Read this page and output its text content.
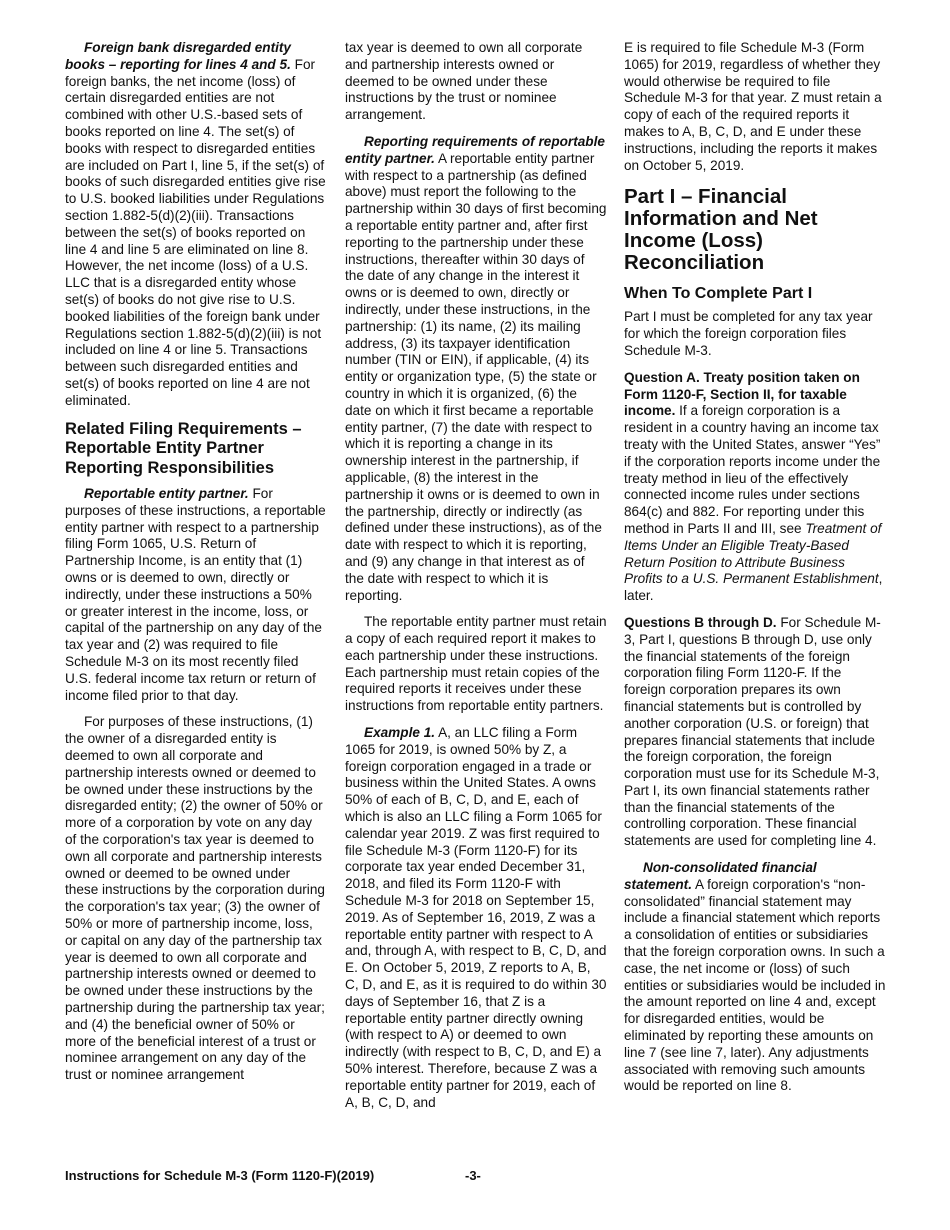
Foreign bank disregarded entity books – reporting for lines 4 and 5. For foreign banks, the net income (loss) of certain disregarded entities are not combined with other U.S.-based sets of books reported on line 4. The set(s) of books with respect to disregarded entities are included on Part I, line 5, if the set(s) of books of such disregarded entities give rise to U.S. booked liabilities under Regulations section 1.882-5(d)(2)(iii). Transactions between the set(s) of books reported on line 4 and line 5 are eliminated on line 8. However, the net income (loss) of a U.S. LLC that is a disregarded entity whose set(s) of books do not give rise to U.S. booked liabilities of the foreign bank under Regulations section 1.882-5(d)(2)(iii) is not included on line 4 or line 5. Transactions between such disregarded entities and set(s) of books reported on line 4 are not eliminated.

Related Filing Requirements – Reportable Entity Partner Reporting Responsibilities

Reportable entity partner. For purposes of these instructions, a reportable entity partner with respect to a partnership filing Form 1065, U.S. Return of Partnership Income, is an entity that (1) owns or is deemed to own, directly or indirectly, under these instructions a 50% or greater interest in the income, loss, or capital of the partnership on any day of the tax year and (2) was required to file Schedule M-3 on its most recently filed U.S. federal income tax return or return of income filed prior to that day.

For purposes of these instructions, (1) the owner of a disregarded entity is deemed to own all corporate and partnership interests owned or deemed to be owned under these instructions by the disregarded entity; (2) the owner of 50% or more of a corporation by vote on any day of the corporation's tax year is deemed to own all corporate and partnership interests owned or deemed to be owned under these instructions by the corporation during the corporation's tax year; (3) the owner of 50% or more of partnership income, loss, or capital on any day of the partnership tax year is deemed to own all corporate and partnership interests owned or deemed to be owned under these instructions by the partnership during the partnership tax year; and (4) the beneficial owner of 50% or more of the beneficial interest of a trust or nominee arrangement on any day of the trust or nominee arrangement

tax year is deemed to own all corporate and partnership interests owned or deemed to be owned under these instructions by the trust or nominee arrangement.

Reporting requirements of reportable entity partner. A reportable entity partner with respect to a partnership (as defined above) must report the following to the partnership within 30 days of first becoming a reportable entity partner and, after first reporting to the partnership under these instructions, thereafter within 30 days of the date of any change in the interest it owns or is deemed to own, directly or indirectly, under these instructions, in the partnership: (1) its name, (2) its mailing address, (3) its taxpayer identification number (TIN or EIN), if applicable, (4) its entity or organization type, (5) the state or country in which it is organized, (6) the date on which it first became a reportable entity partner, (7) the date with respect to which it is reporting a change in its ownership interest in the partnership, if applicable, (8) the interest in the partnership it owns or is deemed to own in the partnership, directly or indirectly (as defined under these instructions), as of the date with respect to which it is reporting, and (9) any change in that interest as of the date with respect to which it is reporting.

The reportable entity partner must retain a copy of each required report it makes to each partnership under these instructions. Each partnership must retain copies of the required reports it receives under these instructions from reportable entity partners.

Example 1. A, an LLC filing a Form 1065 for 2019, is owned 50% by Z, a foreign corporation engaged in a trade or business within the United States. A owns 50% of each of B, C, D, and E, each of which is also an LLC filing a Form 1065 for calendar year 2019. Z was first required to file Schedule M-3 (Form 1120-F) for its corporate tax year ended December 31, 2018, and filed its Form 1120-F with Schedule M-3 for 2018 on September 15, 2019. As of September 16, 2019, Z was a reportable entity partner with respect to A and, through A, with respect to B, C, D, and E. On October 5, 2019, Z reports to A, B, C, D, and E, as it is required to do within 30 days of September 16, that Z is a reportable entity partner directly owning (with respect to A) or deemed to own indirectly (with respect to B, C, D, and E) a 50% interest. Therefore, because Z was a reportable entity partner for 2019, each of A, B, C, D, and

E is required to file Schedule M-3 (Form 1065) for 2019, regardless of whether they would otherwise be required to file Schedule M-3 for that year. Z must retain a copy of each of the required reports it makes to A, B, C, D, and E under these instructions, including the reports it makes on October 5, 2019.

Part I – Financial Information and Net Income (Loss) Reconciliation
When To Complete Part I

Part I must be completed for any tax year for which the foreign corporation files Schedule M-3.

Question A. Treaty position taken on Form 1120-F, Section II, for taxable income. If a foreign corporation is a resident in a country having an income tax treaty with the United States, answer “Yes” if the corporation reports income under the treaty method in lieu of the effectively connected income rules under sections 864(c) and 882. For reporting under this method in Parts II and III, see Treatment of Items Under an Eligible Treaty-Based Return Position to Attribute Business Profits to a U.S. Permanent Establishment, later.

Questions B through D. For Schedule M-3, Part I, questions B through D, use only the financial statements of the foreign corporation filing Form 1120-F. If the foreign corporation prepares its own financial statements but is controlled by another corporation (U.S. or foreign) that prepares financial statements that include the foreign corporation, the foreign corporation must use for its Schedule M-3, Part I, its own financial statements rather than the financial statements of the controlling corporation. These financial statements are used for completing line 4.

Non-consolidated financial statement. A foreign corporation's “non-consolidated” financial statement may include a financial statement which reports a consolidation of entities or subsidiaries that the foreign corporation owns. In such a case, the net income or (loss) of such entities or subsidiaries would be included in the amount reported on line 4 and, except for disregarded entities, would be eliminated by reporting these amounts on line 7 (see line 7, later). Any adjustments associated with removing such amounts would be reported on line 8.

Instructions for Schedule M-3 (Form 1120-F)(2019)	-3-
